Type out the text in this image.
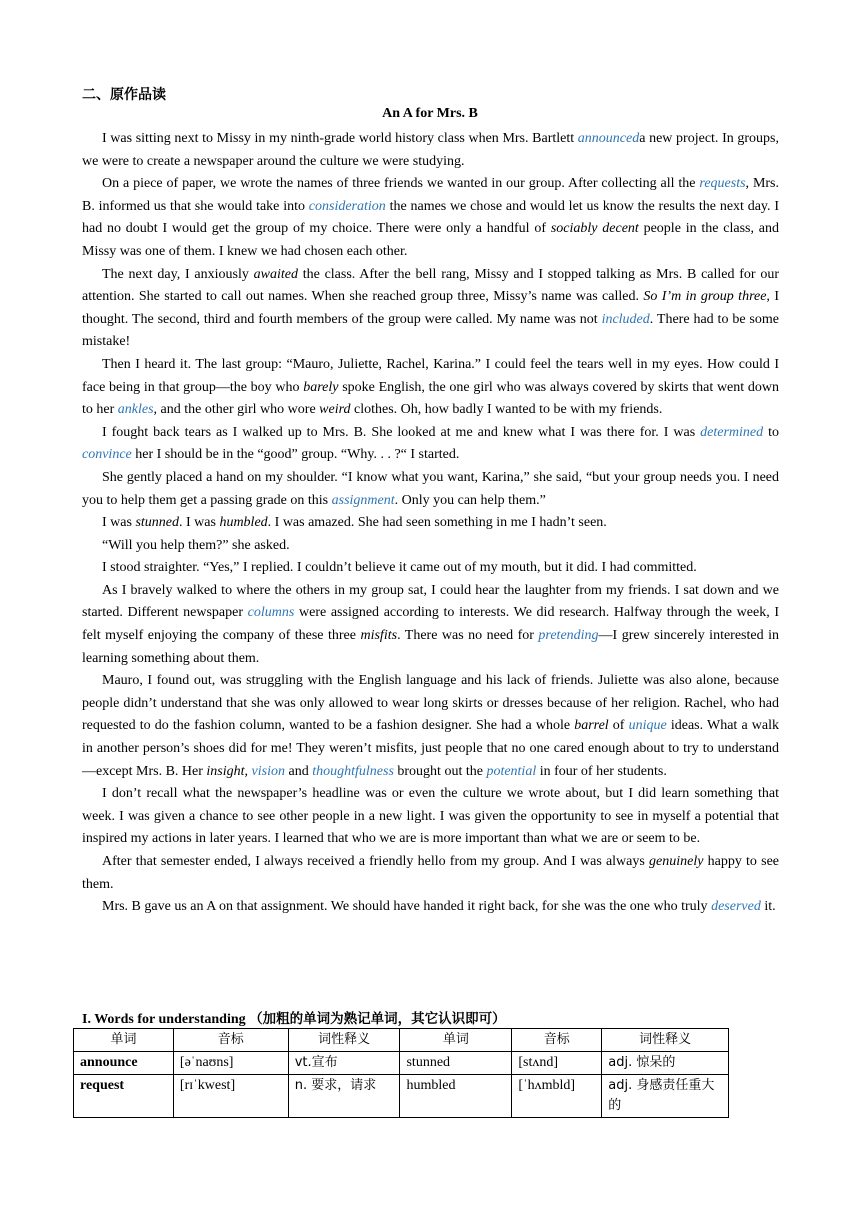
二、原作品读
An A for Mrs. B

I was sitting next to Missy in my ninth-grade world history class when Mrs. Bartlett announceda new project. In groups, we were to create a newspaper around the culture we were studying.

On a piece of paper, we wrote the names of three friends we wanted in our group. After collecting all the requests, Mrs. B. informed us that she would take into consideration the names we chose and would let us know the results the next day. I had no doubt I would get the group of my choice. There were only a handful of sociably decent people in the class, and Missy was one of them. I knew we had chosen each other.

The next day, I anxiously awaited the class. After the bell rang, Missy and I stopped talking as Mrs. B called for our attention. She started to call out names. When she reached group three, Missy’s name was called. So I’m in group three, I thought. The second, third and fourth members of the group were called. My name was not included. There had to be some mistake!

Then I heard it. The last group: “Mauro, Juliette, Rachel, Karina.” I could feel the tears well in my eyes. How could I face being in that group—the boy who barely spoke English, the one girl who was always covered by skirts that went down to her ankles, and the other girl who wore weird clothes. Oh, how badly I wanted to be with my friends.

I fought back tears as I walked up to Mrs. B. She looked at me and knew what I was there for. I was determined to convince her I should be in the “good” group. “Why. . . ?“ I started.

She gently placed a hand on my shoulder. “I know what you want, Karina,” she said, “but your group needs you. I need you to help them get a passing grade on this assignment. Only you can help them.”

I was stunned. I was humbled. I was amazed. She had seen something in me I hadn’t seen.

“Will you help them?” she asked.

I stood straighter. “Yes,” I replied. I couldn’t believe it came out of my mouth, but it did. I had committed.

As I bravely walked to where the others in my group sat, I could hear the laughter from my friends. I sat down and we started. Different newspaper columns were assigned according to interests. We did research. Halfway through the week, I felt myself enjoying the company of these three misfits. There was no need for pretending—I grew sincerely interested in learning something about them.

Mauro, I found out, was struggling with the English language and his lack of friends. Juliette was also alone, because people didn’t understand that she was only allowed to wear long skirts or dresses because of her religion. Rachel, who had requested to do the fashion column, wanted to be a fashion designer. She had a whole barrel of unique ideas. What a walk in another person’s shoes did for me! They weren’t misfits, just people that no one cared enough about to try to understand—except Mrs. B. Her insight, vision and thoughtfulness brought out the potential in four of her students.

I don’t recall what the newspaper’s headline was or even the culture we wrote about, but I did learn something that week. I was given a chance to see other people in a new light. I was given the opportunity to see in myself a potential that inspired my actions in later years. I learned that who we are is more important than what we are or seem to be.

After that semester ended, I always received a friendly hello from my group. And I was always genuinely happy to see them.

Mrs. B gave us an A on that assignment. We should have handed it right back, for she was the one who truly deserved it.

I. Words for understanding （加粗的单词为熟记单词，其它认识即可）
单词	音标	词性释义	单词	音标	词性释义
announce	[əˈnaʊns]	vt.宣布	stunned	[stʌnd]	adj. 惊呆的
request	[rɪˈkwest]	n. 要求，请求	humbled	[ˈhʌmbld]	adj. 身感责任重大的
